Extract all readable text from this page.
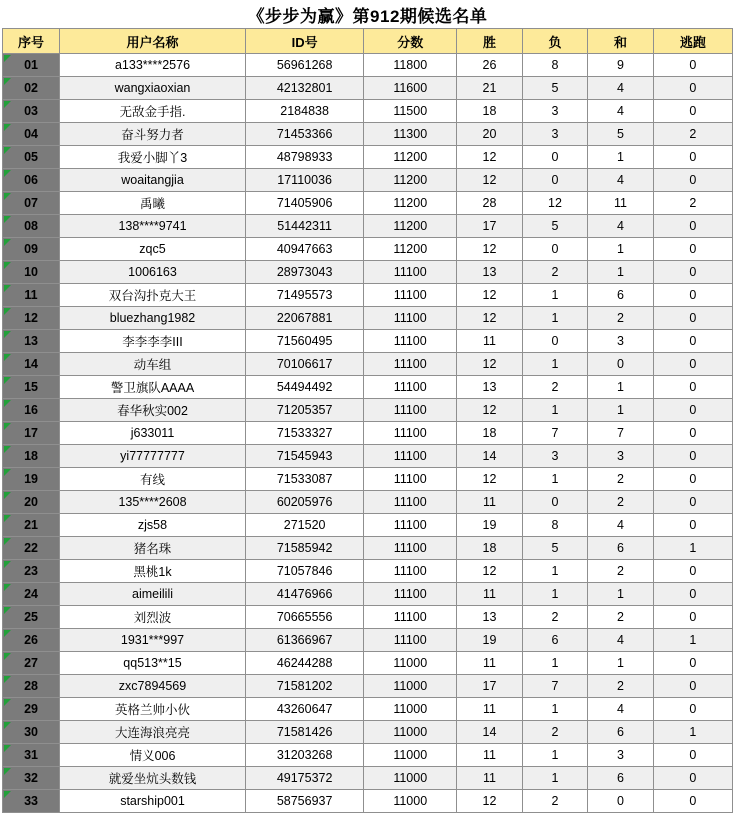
《步步为赢》第912期候选名单
序号	用户名称	ID号	分数	胜	负	和	逃跑

01	a133****2576	56961268	11800	26	8	9	0

02	wangxiaoxian	42132801	11600	21	5	4	0

03	无敌金手指.	2184838	11500	18	3	4	0

04	奋斗努力者	71453366	11300	20	3	5	2

05	我爱小脚丫3	48798933	11200	12	0	1	0

06	woaitangjia	17110036	11200	12	0	4	0

07	禹曦	71405906	11200	28	12	11	2

08	138****9741	51442311	11200	17	5	4	0

09	zqc5	40947663	11200	12	0	1	0

10	1006163	28973043	11100	13	2	1	0

11	双台沟扑克大王	71495573	11100	12	1	6	0

12	bluezhang1982	22067881	11100	12	1	2	0

13	李李李李III	71560495	11100	11	0	3	0

14	动车组	70106617	11100	12	1	0	0

15	警卫旗队AAAA	54494492	11100	13	2	1	0

16	春华秋实002	71205357	11100	12	1	1	0

17	j633011	71533327	11100	18	7	7	0

18	yi77777777	71545943	11100	14	3	3	0

19	有线	71533087	11100	12	1	2	0

20	135****2608	60205976	11100	11	0	2	0

21	zjs58	271520	11100	19	8	4	0

22	猪名珠	71585942	11100	18	5	6	1

23	黑桃1k	71057846	11100	12	1	2	0

24	aimeilili	41476966	11100	11	1	1	0

25	刘烈波	70665556	11100	13	2	2	0

26	1931***997	61366967	11100	19	6	4	1

27	qq513**15	46244288	11000	11	1	1	0

28	zxc7894569	71581202	11000	17	7	2	0

29	英格兰帅小伙	43260647	11000	11	1	4	0

30	大连海浪亮亮	71581426	11000	14	2	6	1

31	情义006	31203268	11000	11	1	3	0

32	就爱坐炕头数钱	49175372	11000	11	1	6	0

33	starship001	58756937	11000	12	2	0	0
